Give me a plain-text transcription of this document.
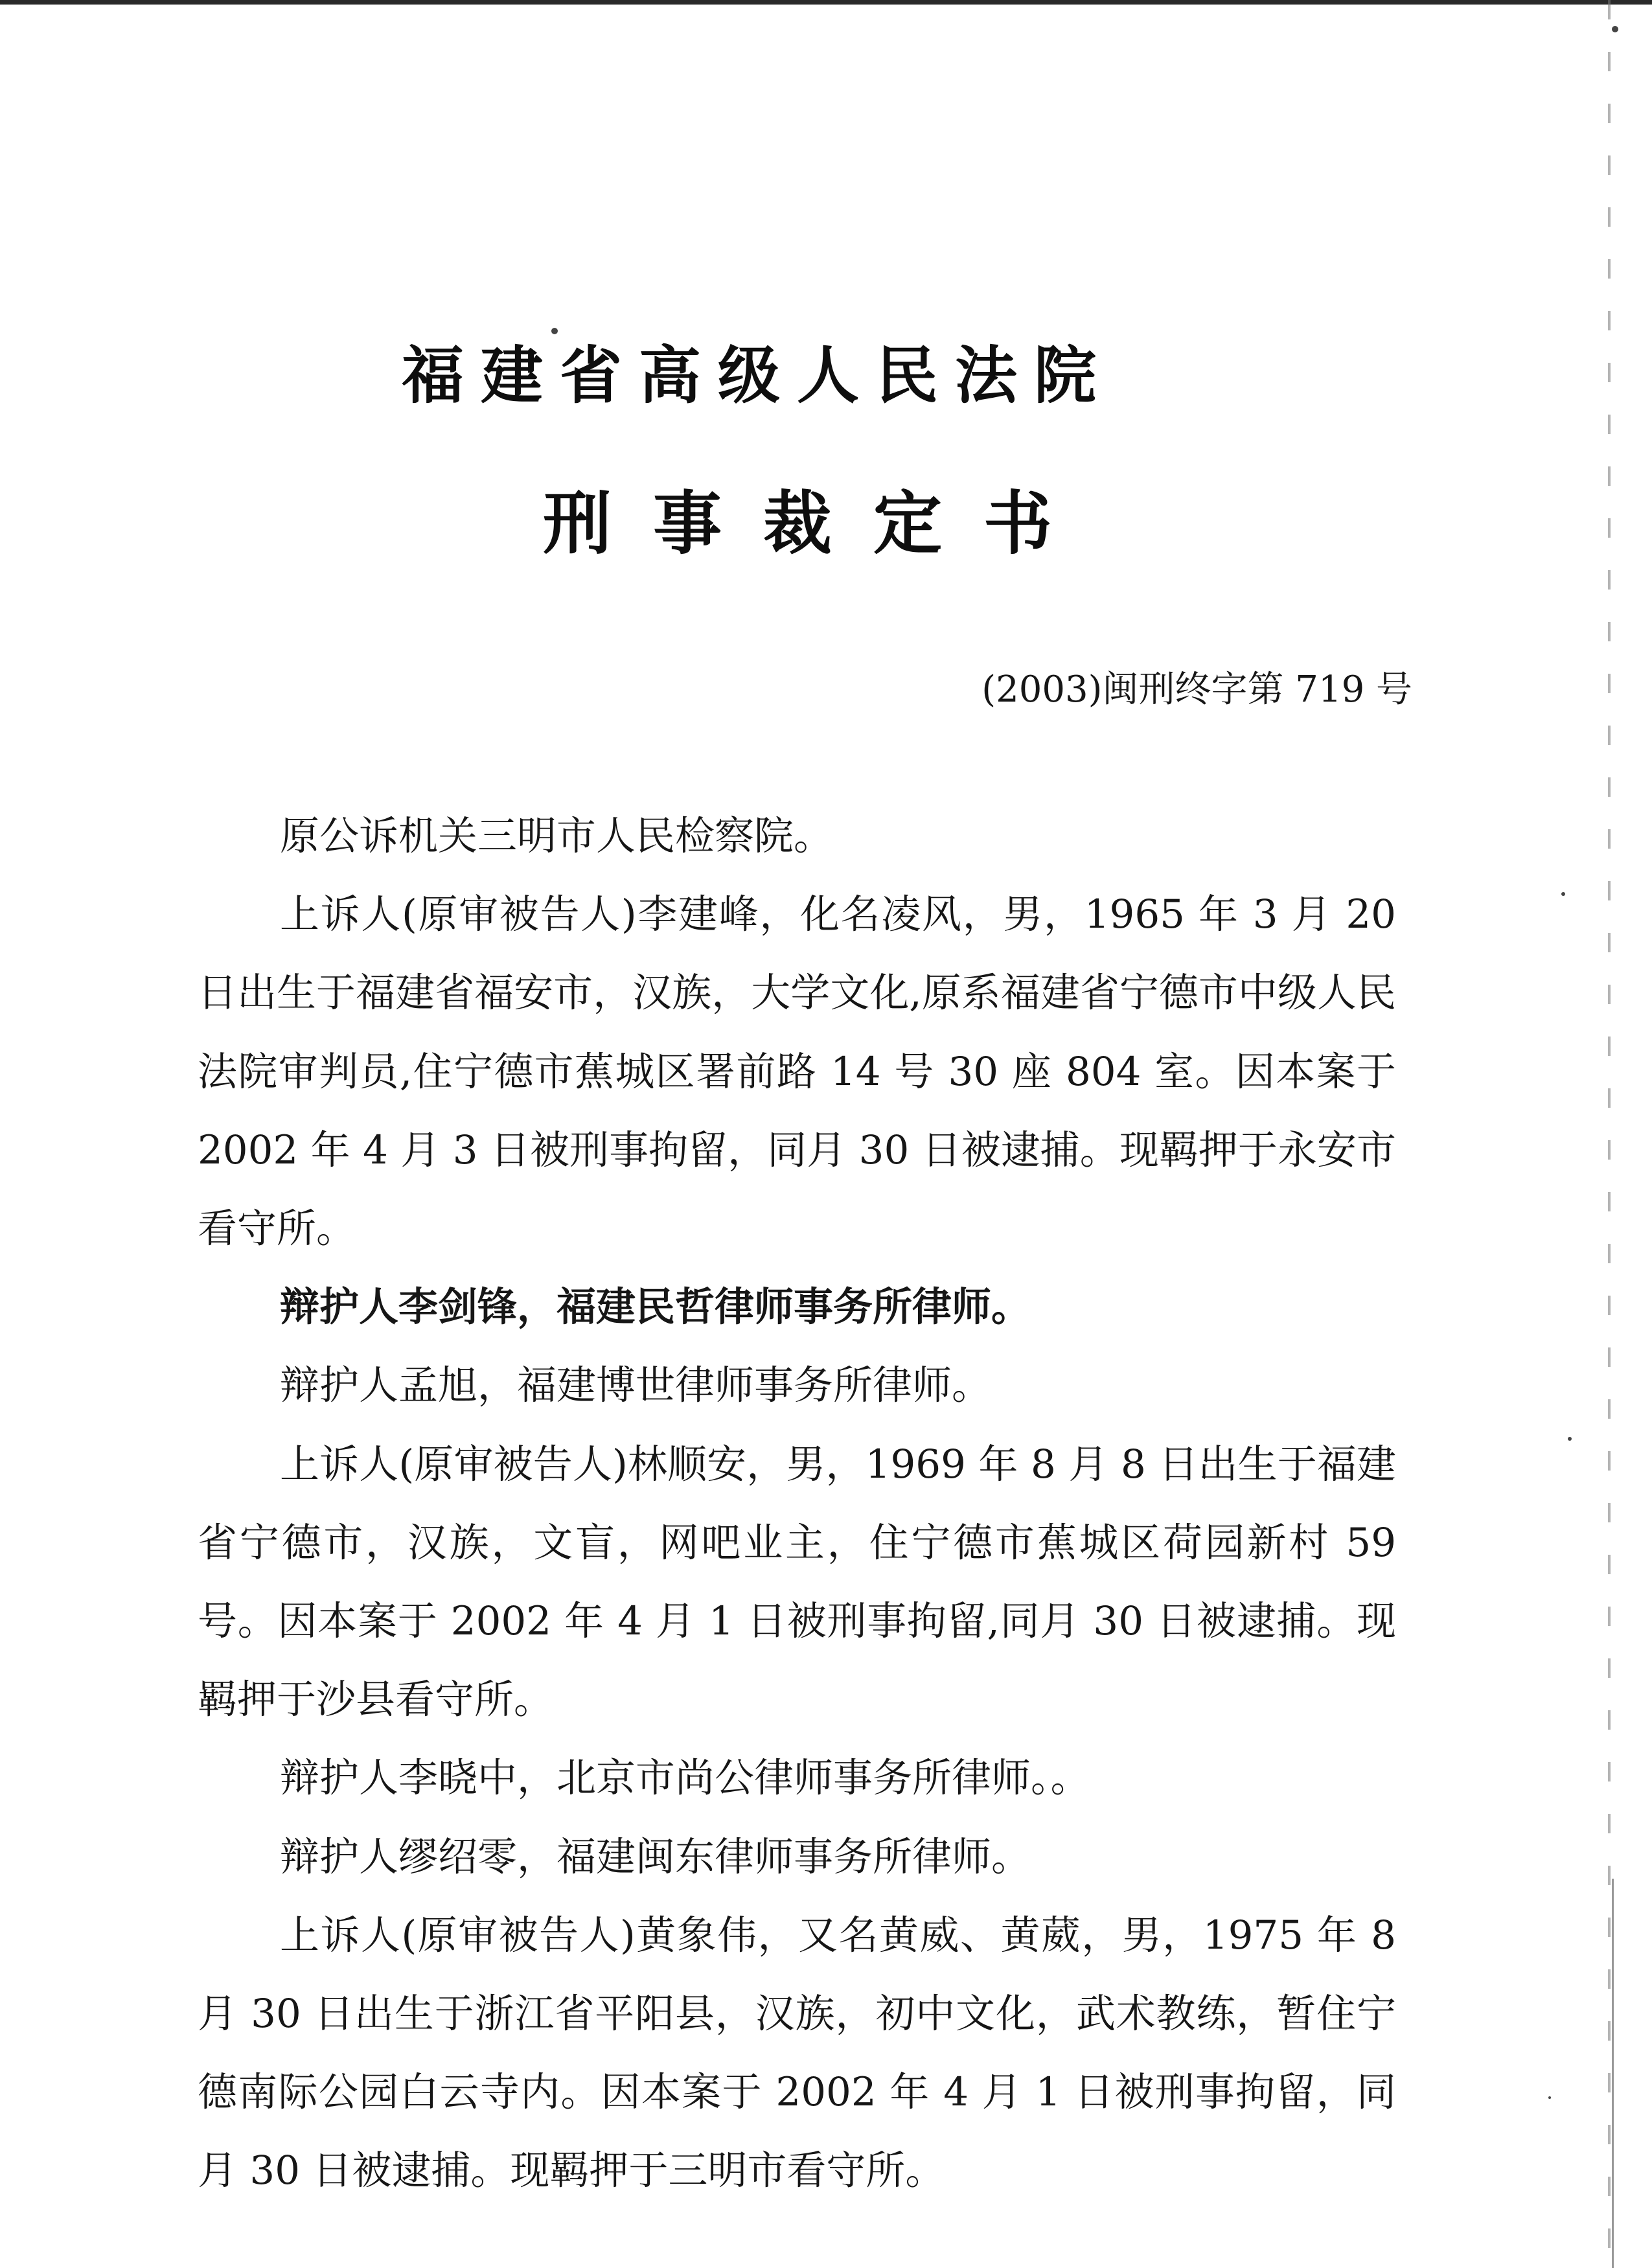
福建省高级人民法院
刑事裁定书
(2003)闽刑终字第 719 号

原公诉机关三明市人民检察院。

上诉人(原审被告人)李建峰，化名凌风，男，1965 年 3 月 20 日出生于福建省福安市，汉族，大学文化,原系福建省宁德市中级人民法院审判员,住宁德市蕉城区署前路 14 号 30 座 804 室。因本案于 2002 年 4 月 3 日被刑事拘留，同月 30 日被逮捕。现羁押于永安市看守所。

辩护人李剑锋，福建民哲律师事务所律师。

辩护人孟旭，福建博世律师事务所律师。

上诉人(原审被告人)林顺安，男，1969 年 8 月 8 日出生于福建省宁德市，汉族，文盲，网吧业主，住宁德市蕉城区荷园新村 59 号。因本案于 2002 年 4 月 1 日被刑事拘留,同月 30 日被逮捕。现羁押于沙县看守所。

辩护人李晓中，北京市尚公律师事务所律师。。

辩护人缪绍零，福建闽东律师事务所律师。

上诉人(原审被告人)黄象伟，又名黄威、黄葳，男，1975 年 8 月 30 日出生于浙江省平阳县，汉族，初中文化，武术教练，暂住宁德南际公园白云寺内。因本案于 2002 年 4 月 1 日被刑事拘留，同月 30 日被逮捕。现羁押于三明市看守所。
